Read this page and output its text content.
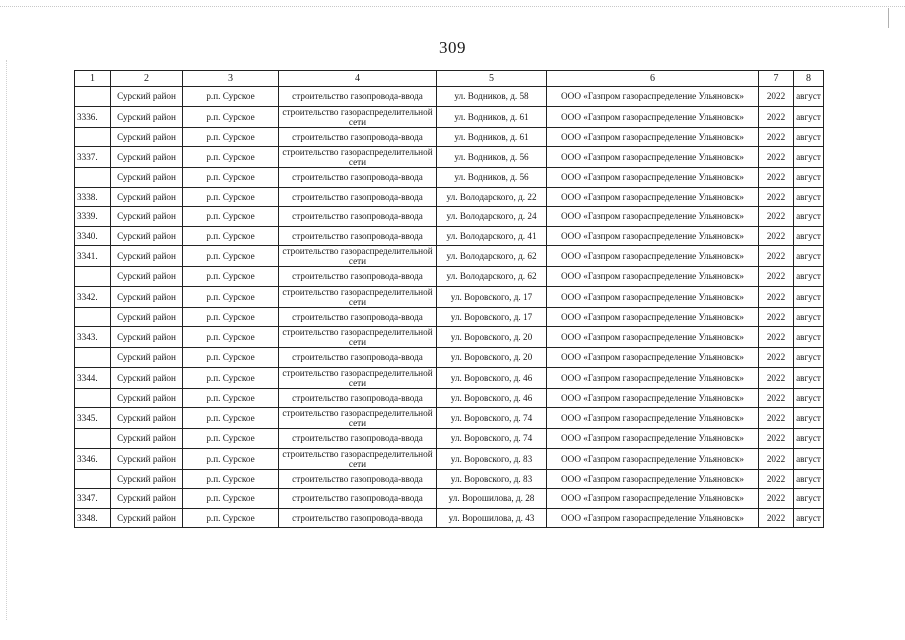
309
1	2	3	4	5	6	7	8
	Сурский район	р.п. Сурское	строительство газопровода-ввода	ул. Водников, д. 58	ООО «Газпром газораспределение Ульяновск»	2022	август
3336.	Сурский район	р.п. Сурское	строительство газораспределительной сети	ул. Водников, д. 61	ООО «Газпром газораспределение Ульяновск»	2022	август
	Сурский район	р.п. Сурское	строительство газопровода-ввода	ул. Водников, д. 61	ООО «Газпром газораспределение Ульяновск»	2022	август
3337.	Сурский район	р.п. Сурское	строительство газораспределительной сети	ул. Водников, д. 56	ООО «Газпром газораспределение Ульяновск»	2022	август
	Сурский район	р.п. Сурское	строительство газопровода-ввода	ул. Водников, д. 56	ООО «Газпром газораспределение Ульяновск»	2022	август
3338.	Сурский район	р.п. Сурское	строительство газопровода-ввода	ул. Володарского, д. 22	ООО «Газпром газораспределение Ульяновск»	2022	август
3339.	Сурский район	р.п. Сурское	строительство газопровода-ввода	ул. Володарского, д. 24	ООО «Газпром газораспределение Ульяновск»	2022	август
3340.	Сурский район	р.п. Сурское	строительство газопровода-ввода	ул. Володарского, д. 41	ООО «Газпром газораспределение Ульяновск»	2022	август
3341.	Сурский район	р.п. Сурское	строительство газораспределительной сети	ул. Володарского, д. 62	ООО «Газпром газораспределение Ульяновск»	2022	август
	Сурский район	р.п. Сурское	строительство газопровода-ввода	ул. Володарского, д. 62	ООО «Газпром газораспределение Ульяновск»	2022	август
3342.	Сурский район	р.п. Сурское	строительство газораспределительной сети	ул. Воровского, д. 17	ООО «Газпром газораспределение Ульяновск»	2022	август
	Сурский район	р.п. Сурское	строительство газопровода-ввода	ул. Воровского, д. 17	ООО «Газпром газораспределение Ульяновск»	2022	август
3343.	Сурский район	р.п. Сурское	строительство газораспределительной сети	ул. Воровского, д. 20	ООО «Газпром газораспределение Ульяновск»	2022	август
	Сурский район	р.п. Сурское	строительство газопровода-ввода	ул. Воровского, д. 20	ООО «Газпром газораспределение Ульяновск»	2022	август
3344.	Сурский район	р.п. Сурское	строительство газораспределительной сети	ул. Воровского, д. 46	ООО «Газпром газораспределение Ульяновск»	2022	август
	Сурский район	р.п. Сурское	строительство газопровода-ввода	ул. Воровского, д. 46	ООО «Газпром газораспределение Ульяновск»	2022	август
3345.	Сурский район	р.п. Сурское	строительство газораспределительной сети	ул. Воровского, д. 74	ООО «Газпром газораспределение Ульяновск»	2022	август
	Сурский район	р.п. Сурское	строительство газопровода-ввода	ул. Воровского, д. 74	ООО «Газпром газораспределение Ульяновск»	2022	август
3346.	Сурский район	р.п. Сурское	строительство газораспределительной сети	ул. Воровского, д. 83	ООО «Газпром газораспределение Ульяновск»	2022	август
	Сурский район	р.п. Сурское	строительство газопровода-ввода	ул. Воровского, д. 83	ООО «Газпром газораспределение Ульяновск»	2022	август
3347.	Сурский район	р.п. Сурское	строительство газопровода-ввода	ул. Ворошилова, д. 28	ООО «Газпром газораспределение Ульяновск»	2022	август
3348.	Сурский район	р.п. Сурское	строительство газопровода-ввода	ул. Ворошилова, д. 43	ООО «Газпром газораспределение Ульяновск»	2022	август
